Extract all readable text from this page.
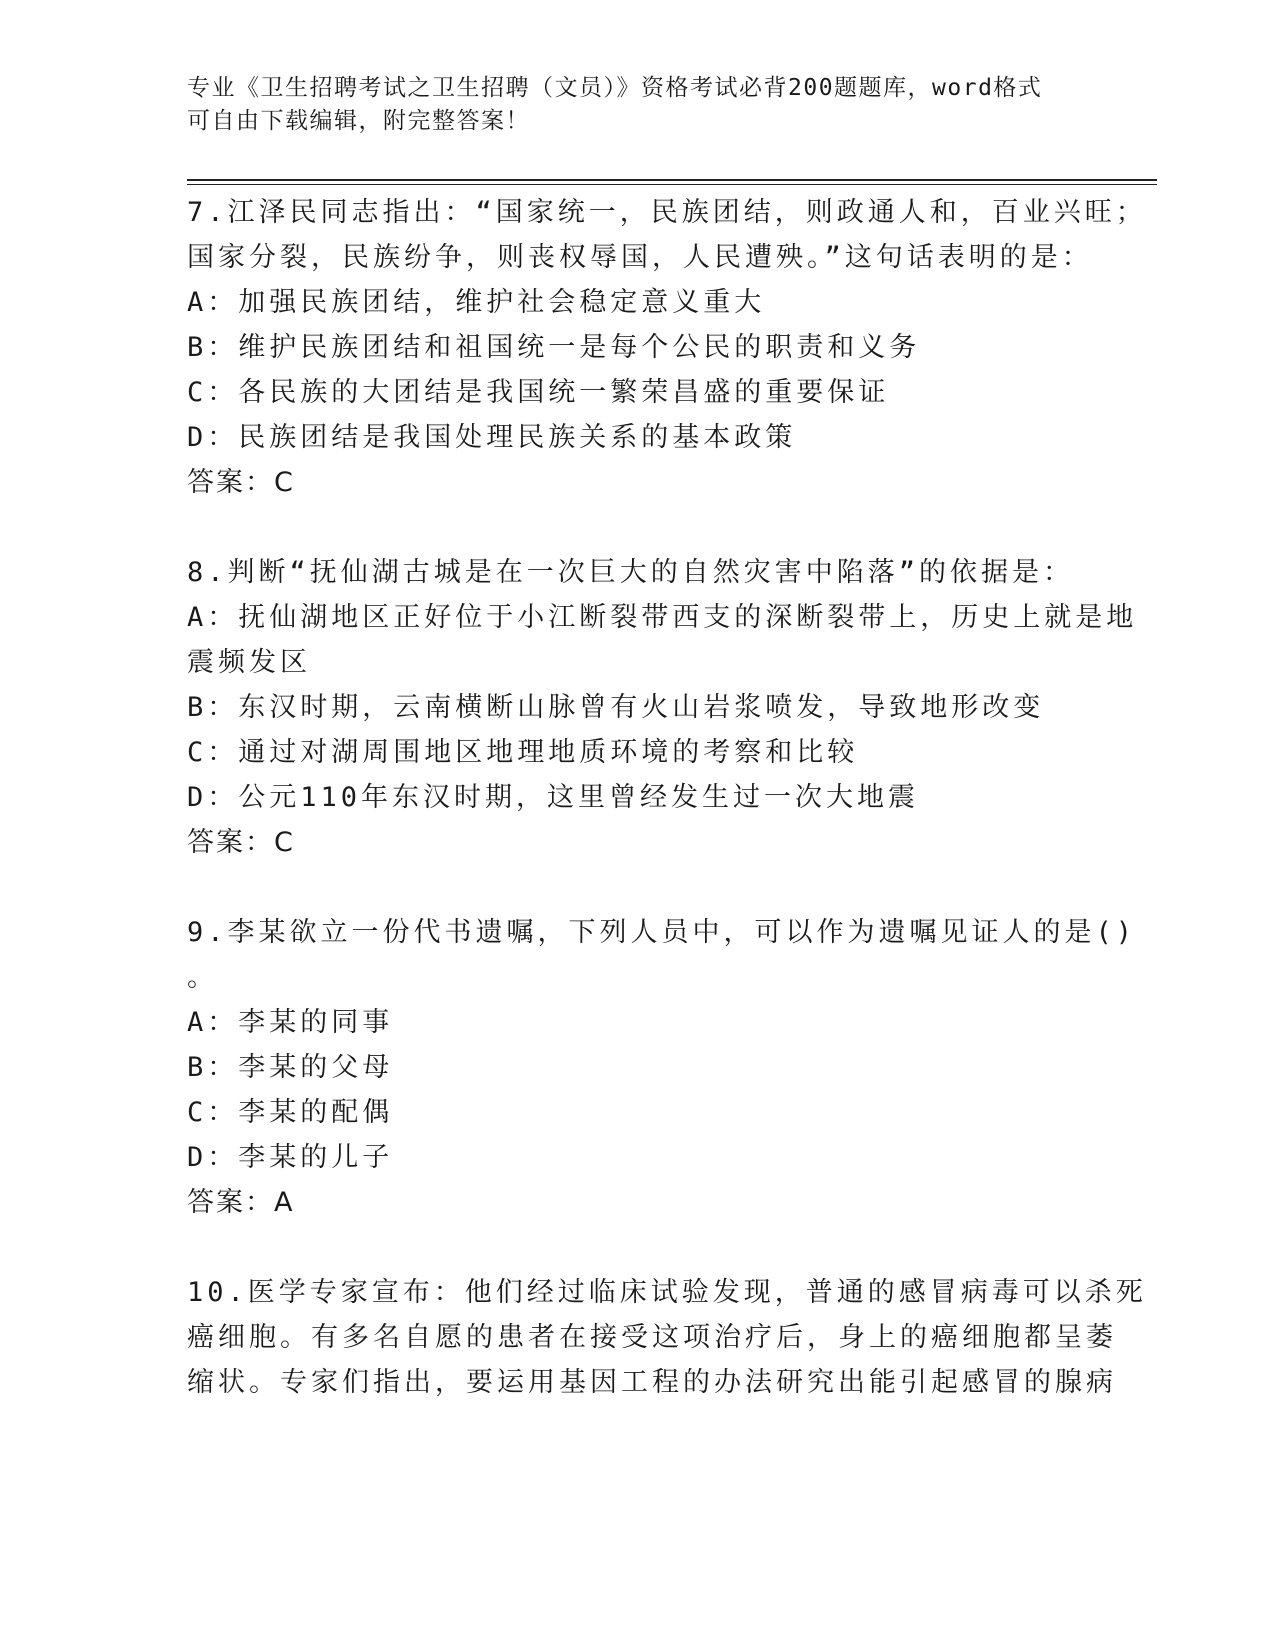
专业《卫生招聘考试之卫生招聘（文员）》资格考试必背200题题库，word格式
可自由下载编辑，附完整答案！
7.江泽民同志指出：“国家统一，民族团结，则政通人和，百业兴旺；
国家分裂，民族纷争，则丧权辱国，人民遭殃。”这句话表明的是：
A：加强民族团结，维护社会稳定意义重大
B：维护民族团结和祖国统一是每个公民的职责和义务
C：各民族的大团结是我国统一繁荣昌盛的重要保证
D：民族团结是我国处理民族关系的基本政策
答案：C
8.判断“抚仙湖古城是在一次巨大的自然灾害中陷落”的依据是：
A：抚仙湖地区正好位于小江断裂带西支的深断裂带上，历史上就是地
震频发区
B：东汉时期，云南横断山脉曾有火山岩浆喷发，导致地形改变
C：通过对湖周围地区地理地质环境的考察和比较
D：公元110年东汉时期，这里曾经发生过一次大地震
答案：C
9.李某欲立一份代书遗嘱，下列人员中，可以作为遗嘱见证人的是()
。
A：李某的同事
B：李某的父母
C：李某的配偶
D：李某的儿子
答案：A
10.医学专家宣布：他们经过临床试验发现，普通的感冒病毒可以杀死
癌细胞。有多名自愿的患者在接受这项治疗后，身上的癌细胞都呈萎
缩状。专家们指出，要运用基因工程的办法研究出能引起感冒的腺病
